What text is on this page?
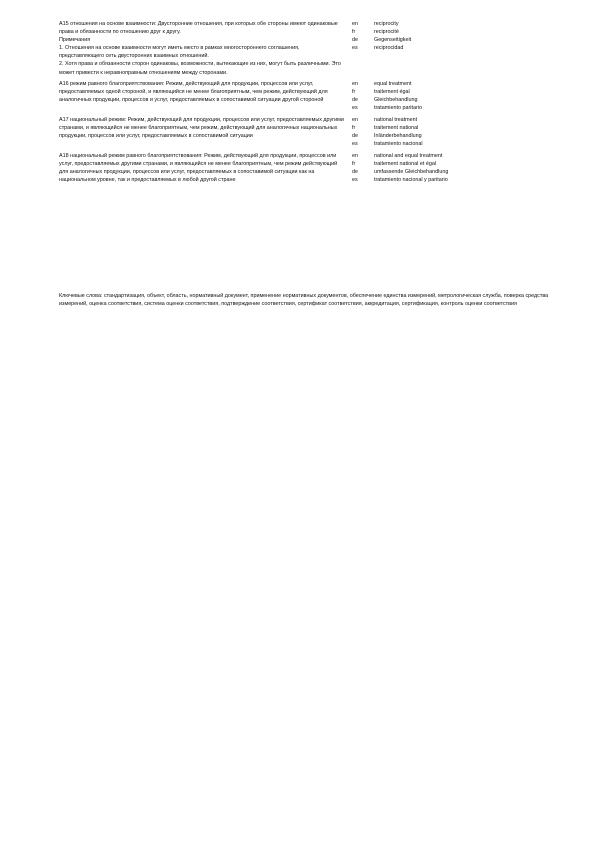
A15 отношения на основе взаимности: Двусторонние отношения, при которых обе стороны имеют одинаковые права и обязанности по отношению друг к другу.

Примечания

1. Отношения на основе взаимности могут иметь место в рамках многостороннего соглашения, представляющего сеть двусторонних взаимных отношений.

2. Хотя права и обязанности сторон одинаковы, возможности, вытекающие из них, могут быть различными. Это может привести к неравноправным отношениям между сторонами.

en
fr
de
es
reciprocity
reciprocité
Gegenseitigkeit
reciprocidad

A16 режим равного благоприятствования: Режим, действующий для продукции, процессов или услуг, предоставляемых одной стороной, и являющийся не менее благоприятным, чем режим, действующий для аналогичных продукции, процессов и услуг, предоставляемых в сопоставимой ситуации другой стороной

en
fr
de
es
equal treatment
traitement égal
Gleichbehandlung
tratamiento paritario

A17 национальный режим: Режим, действующий для продукции, процессов или услуг, предоставляемых другими странами, и являющийся не менее благоприятным, чем режим, действующий для аналогичных национальных продукции, процессов или услуг, предоставляемых в сопоставимой ситуации

en
fr
de
es
national treatment
traitement national
Inländerbehandlung
tratamiento nacional

A18 национальный режим равного благоприятствования: Режим, действующий для продукции, процессов или услуг, предоставляемых другими странами, и являющийся не менее благоприятным, чем режим действующий для аналогичных продукции, процессов или услуг, предоставляемых в сопоставимой ситуации как на национальном уровне, так и предоставляемых в любой другой стране

en
fr
de
es
national and equal treatment
traitement national et égal
umfassende Gleichbehandlung
tratamiento nacional y paritario

Ключевые слова: стандартизация, объект, область, нормативный документ, применение нормативных документов, обеспечение единства измерений, метрологическая служба, поверка средства измерений, оценка соответствия, система оценки соответствия, подтверждение соответствия, сертификат соответствия, аккредитация, сертификация, контроль оценки соответствия
